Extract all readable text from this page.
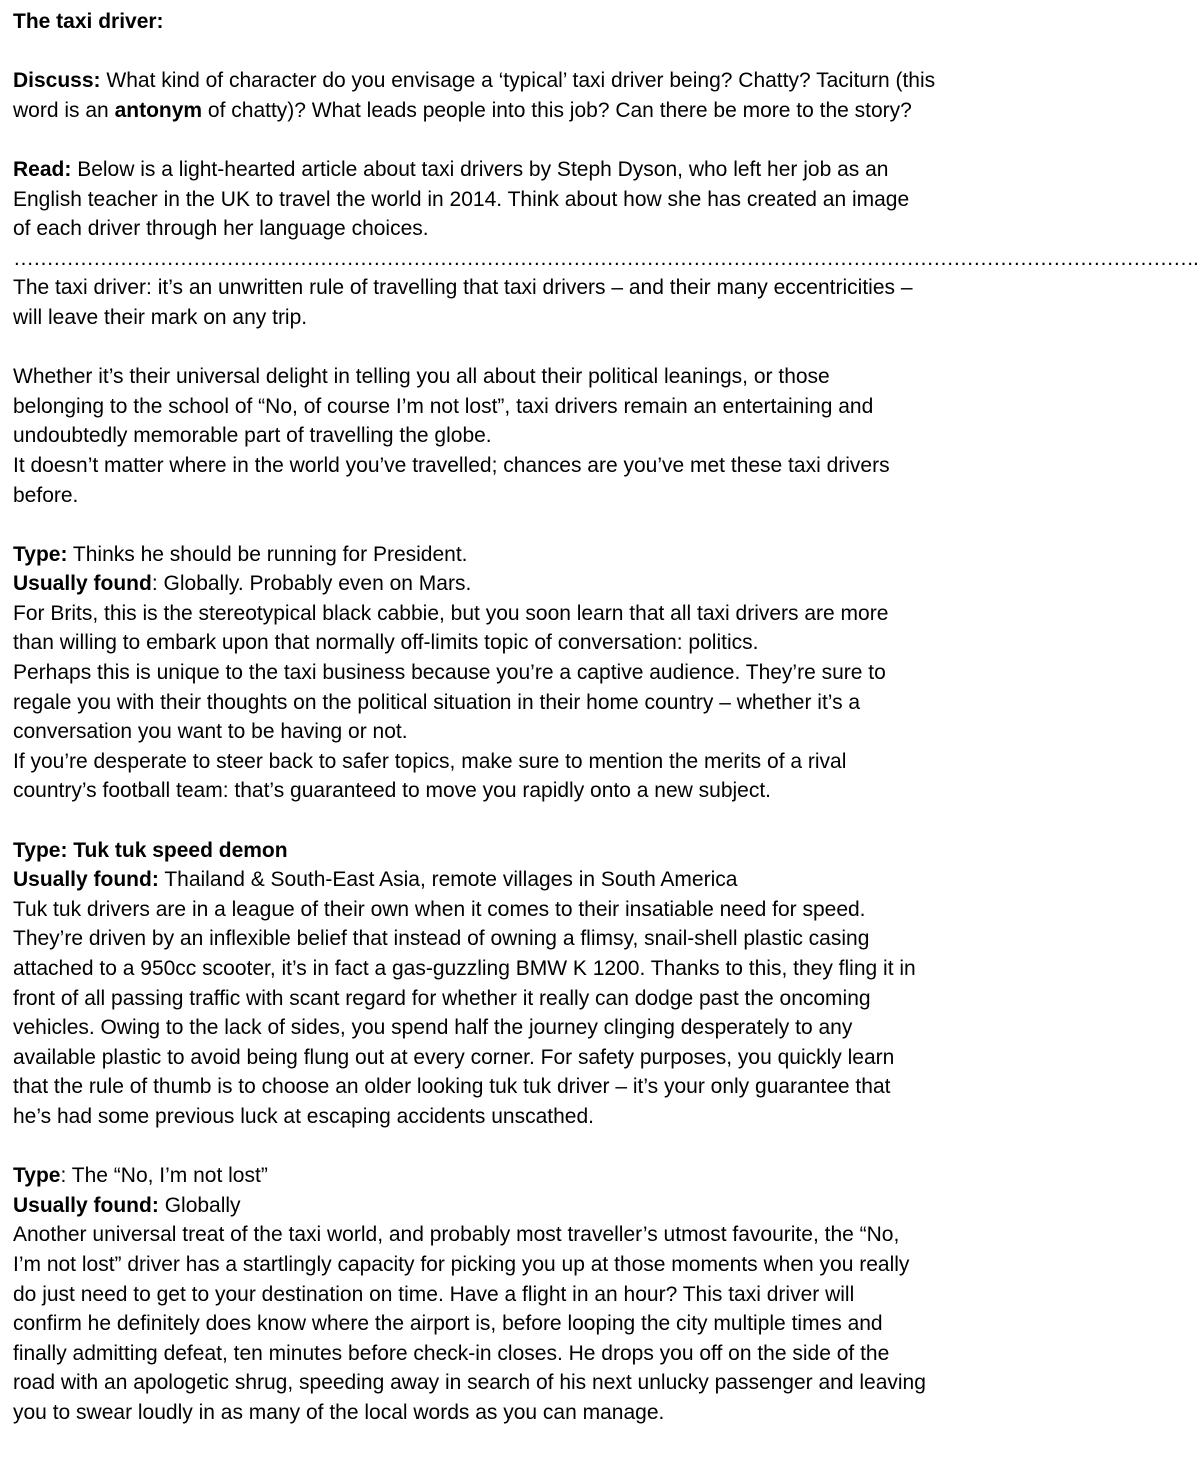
The taxi driver:
Discuss: What kind of character do you envisage a ‘typical’ taxi driver being? Chatty? Taciturn (this
word is an antonym of chatty)? What leads people into this job? Can there be more to the story?
Read: Below is a light-hearted article about taxi drivers by Steph Dyson, who left her job as an
English teacher in the UK to travel the world in 2014. Think about how she has created an image
of each driver through her language choices.
…………………………………………………………………………………………………………………………………………………………….
The taxi driver: it’s an unwritten rule of travelling that taxi drivers – and their many eccentricities –
will leave their mark on any trip.
Whether it’s their universal delight in telling you all about their political leanings, or those
belonging to the school of “No, of course I’m not lost”, taxi drivers remain an entertaining and
undoubtedly memorable part of travelling the globe.
It doesn’t matter where in the world you’ve travelled; chances are you’ve met these taxi drivers
before.
Type: Thinks he should be running for President.
Usually found: Globally. Probably even on Mars.
For Brits, this is the stereotypical black cabbie, but you soon learn that all taxi drivers are more
than willing to embark upon that normally off-limits topic of conversation: politics.
Perhaps this is unique to the taxi business because you’re a captive audience. They’re sure to
regale you with their thoughts on the political situation in their home country – whether it’s a
conversation you want to be having or not.
If you’re desperate to steer back to safer topics, make sure to mention the merits of a rival
country’s football team: that’s guaranteed to move you rapidly onto a new subject.
Type: Tuk tuk speed demon
Usually found: Thailand & South-East Asia, remote villages in South America
Tuk tuk drivers are in a league of their own when it comes to their insatiable need for speed.
They’re driven by an inflexible belief that instead of owning a flimsy, snail-shell plastic casing
attached to a 950cc scooter, it’s in fact a gas-guzzling BMW K 1200. Thanks to this, they fling it in
front of all passing traffic with scant regard for whether it really can dodge past the oncoming
vehicles. Owing to the lack of sides, you spend half the journey clinging desperately to any
available plastic to avoid being flung out at every corner. For safety purposes, you quickly learn
that the rule of thumb is to choose an older looking tuk tuk driver – it’s your only guarantee that
he’s had some previous luck at escaping accidents unscathed.
Type: The “No, I’m not lost”
Usually found: Globally
Another universal treat of the taxi world, and probably most traveller’s utmost favourite, the “No,
I’m not lost” driver has a startlingly capacity for picking you up at those moments when you really
do just need to get to your destination on time. Have a flight in an hour? This taxi driver will
confirm he definitely does know where the airport is, before looping the city multiple times and
finally admitting defeat, ten minutes before check-in closes. He drops you off on the side of the
road with an apologetic shrug, speeding away in search of his next unlucky passenger and leaving
you to swear loudly in as many of the local words as you can manage.
